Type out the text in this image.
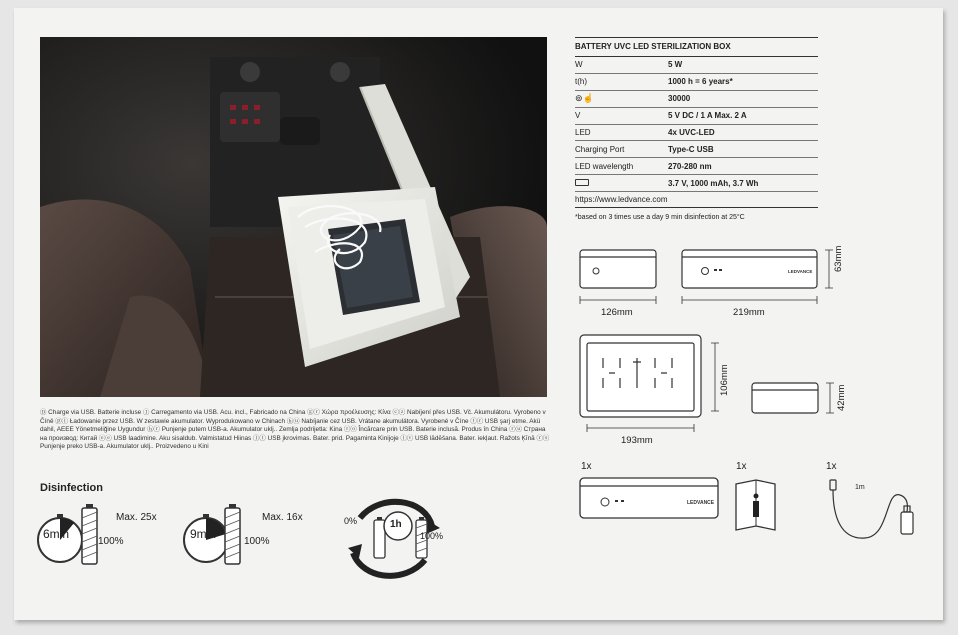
Ⓓ Charge via USB. Batterie incluse Ⓘ Carregamento via USB. Acu. incl., Fabricado na China ⓖⓡ Χώρα προέλευσης: Κίνα ⓒⓩ Nabíjení přes USB. Vč. Akumulátoru. Vyrobeno v Číně ⓟⓛ Ładowanie przez USB. W zestawie akumulator. Wyprodukowano w Chinach ⓗⓤ Nabíjanie cez USB. Vrátane akumulátora. Vyrobené v Číne ⓣⓡ USB şarj etme. Akü dahil, AEEE Yönetmeliğine Uygundur ⓗⓡ Punjenje putem USB-a. Akumulator uklj.. Zemlja podrijetla: Kina ⓡⓞ Încărcare prin USB. Baterie inclusă. Produs în China ⓡⓤ Страна на производ: Китай ⓔⓔ USB laadimine. Aku sisaldub. Valmistatud Hiinas ⓛⓣ USB įkrovimas. Bater. prid. Pagaminta Kinijoje ⓛⓥ USB lādēšana. Bater. iekļaut. Ražots Ķīnā ⓡⓢ Punjenje preko USB-a. Akumulator uklj.. Proizvedeno u Kini
Disinfection
6min
Max. 25x
100%
9min
Max. 16x
100%
1h
0%
100%
BATTERY UVC LED STERILIZATION BOX
W	5 W
t(h)	1000 h = 6 years*
⊚☝	30000
V	5 V DC / 1 A Max. 2 A
LED	4x UVC-LED
Charging Port	Type-C USB
LED wavelength	270-280 nm
3.7 V, 1000 mAh, 3.7 Wh
https://www.ledvance.com
*based on 3 times use a day 9 min disinfection at 25°C
LEDVANCE
126mm	219mm
63mm
193mm
106mm
42mm
1x	1x	1x
LEDVANCE
1m
